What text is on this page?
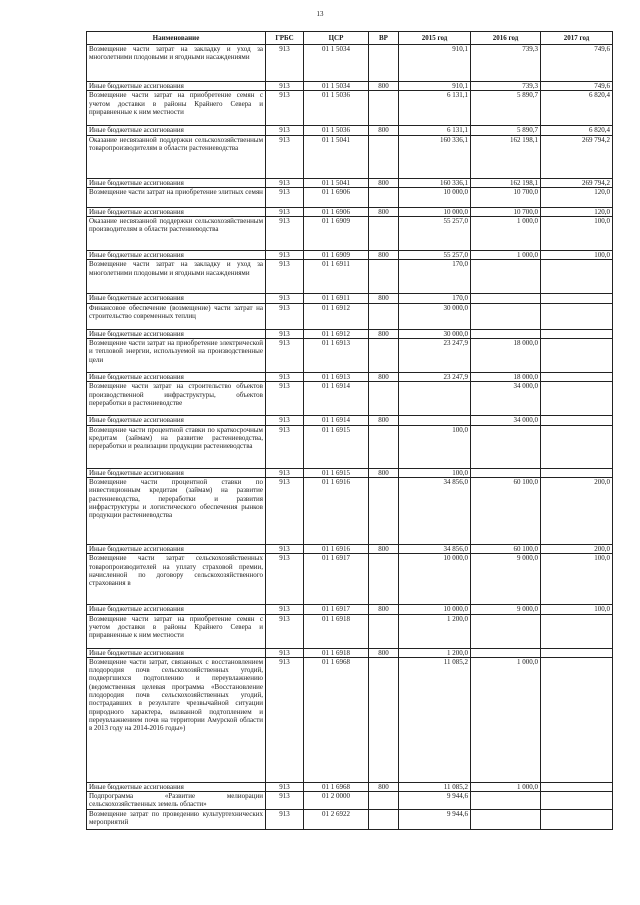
13
Наименование	ГРБС	ЦСР	ВР	2015 год	2016 год	2017 год
Возмещение части затрат на закладку и уход за многолетними плодовыми и ягодными насаждениями	913	01 1 5034		910,1	739,3	749,6
Иные бюджетные ассигнования	913	01 1 5034	800	910,1	739,3	749,6
Возмещение части затрат на приобретение семян с учетом доставки в районы Крайнего Севера и приравненные к ним местности	913	01 1 5036		6 131,1	5 890,7	6 820,4
Иные бюджетные ассигнования	913	01 1 5036	800	6 131,1	5 890,7	6 820,4
Оказание несвязанной поддержки сельскохозяйственным товаропроизводителям в области растениеводства	913	01 1 5041		160 336,1	162 198,1	269 794,2
Иные бюджетные ассигнования	913	01 1 5041	800	160 336,1	162 198,1	269 794,2
Возмещение части затрат на приобретение элитных семян	913	01 1 6906		10 000,0	10 700,0	120,0
Иные бюджетные ассигнования	913	01 1 6906	800	10 000,0	10 700,0	120,0
Оказание несвязанной поддержки сельскохозяйственным производителям в области растениеводства	913	01 1 6909		55 257,0	1 000,0	100,0
Иные бюджетные ассигнования	913	01 1 6909	800	55 257,0	1 000,0	100,0
Возмещение части затрат на закладку и уход за многолетними плодовыми и ягодными насаждениями	913	01 1 6911		170,0		
Иные бюджетные ассигнования	913	01 1 6911	800	170,0		
Финансовое обеспечение (возмещение) части затрат на строительство современных теплиц	913	01 1 6912		30 000,0		
Иные бюджетные ассигнования	913	01 1 6912	800	30 000,0		
Возмещение части затрат на приобретение электрической и тепловой энергии, используемой на производственные цели	913	01 1 6913		23 247,9	18 000,0	
Иные бюджетные ассигнования	913	01 1 6913	800	23 247,9	18 000,0	
Возмещение части затрат на строительство объектов производственной инфраструктуры, объектов переработки в растениеводстве	913	01 1 6914			34 000,0	
Иные бюджетные ассигнования	913	01 1 6914	800		34 000,0	
Возмещение части процентной ставки по краткосрочным кредитам (займам) на развитие растениеводства, переработки и реализации продукции растениеводства	913	01 1 6915		100,0		
Иные бюджетные ассигнования	913	01 1 6915	800	100,0		
Возмещение части процентной ставки по инвестиционным кредитам (займам) на развитие растениеводства, переработки и развития инфраструктуры и логистического обеспечения рынков продукции растениеводства	913	01 1 6916		34 856,0	60 100,0	200,0
Иные бюджетные ассигнования	913	01 1 6916	800	34 856,0	60 100,0	200,0
Возмещение части затрат сельскохозяйственных товаропроизводителей на уплату страховой премии, начисленной по договору сельскохозяйственного страхования в	913	01 1 6917		10 000,0	9 000,0	100,0
Иные бюджетные ассигнования	913	01 1 6917	800	10 000,0	9 000,0	100,0
Возмещение части затрат на приобретение семян с учетом доставки в районы Крайнего Севера и приравненные к ним местности	913	01 1 6918		1 200,0		
Иные бюджетные ассигнования	913	01 1 6918	800	1 200,0		
Возмещение части затрат, связанных с восстановлением плодородия почв сельскохозяйственных угодий, подвергшихся подтоплению и переувлажнению (ведомственная целевая программа «Восстановление плодородия почв сельскохозяйственных угодий, пострадавших в результате чрезвычайной ситуации природного характера, вызванной подтоплением и переувлажнением почв на территории Амурской области в 2013 году на 2014-2016 годы»)	913	01 1 6968		11 085,2	1 000,0	
Иные бюджетные ассигнования	913	01 1 6968	800	11 085,2	1 000,0	
Подпрограмма «Развитие мелиорации сельскохозяйственных земель области»	913	01 2 0000		9 944,6		
Возмещение затрат по проведению культуртехнических мероприятий	913	01 2 6922		9 944,6		
